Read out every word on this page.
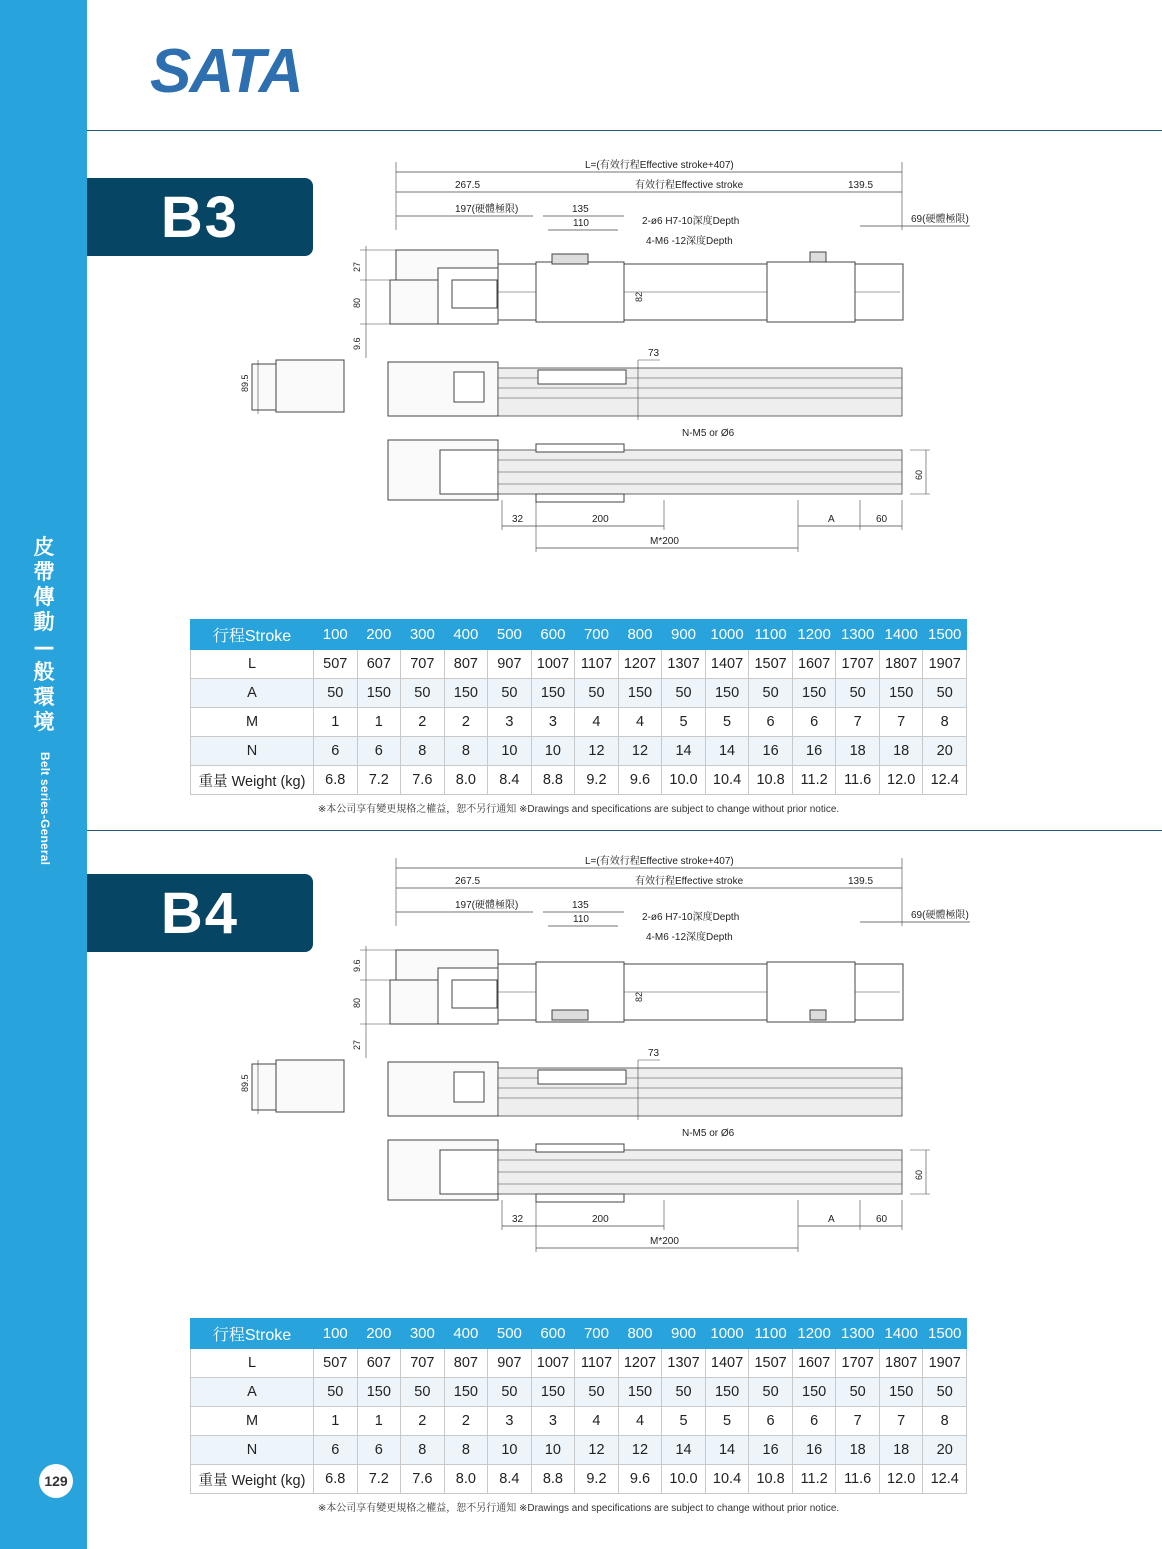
皮
帶
傳
動
—
般
環
境
Belt series-General
129
SATA
B3
L=(有效行程Effective stroke+407)
267.5	有效行程Effective stroke	139.5
197(硬體極限)	135
110	2-ø6 H7-10深度Depth
4-M6 -12深度Depth
69(硬體極限)
27
80
9.6
82
89.5
73
N-M5 or Ø6
60
32	200	A	60
M*200
行程Stroke	100	200	300	400	500	600	700	800	900	1000	1100	1200	1300	1400	1500
L	507	607	707	807	907	1007	1107	1207	1307	1407	1507	1607	1707	1807	1907
A	50	150	50	150	50	150	50	150	50	150	50	150	50	150	50
M	1	1	2	2	3	3	4	4	5	5	6	6	7	7	8
N	6	6	8	8	10	10	12	12	14	14	16	16	18	18	20
重量 Weight (kg)	6.8	7.2	7.6	8.0	8.4	8.8	9.2	9.6	10.0	10.4	10.8	11.2	11.6	12.0	12.4
※本公司享有變更規格之權益，恕不另行通知 ※Drawings and specifications are subject to change without prior notice.
B4
L=(有效行程Effective stroke+407)
267.5	有效行程Effective stroke	139.5
197(硬體極限)	135
110	2-ø6 H7-10深度Depth
4-M6 -12深度Depth
69(硬體極限)
9.6
80
27
82
89.5
73
N-M5 or Ø6
60
32	200	A	60
M*200
行程Stroke	100	200	300	400	500	600	700	800	900	1000	1100	1200	1300	1400	1500
L	507	607	707	807	907	1007	1107	1207	1307	1407	1507	1607	1707	1807	1907
A	50	150	50	150	50	150	50	150	50	150	50	150	50	150	50
M	1	1	2	2	3	3	4	4	5	5	6	6	7	7	8
N	6	6	8	8	10	10	12	12	14	14	16	16	18	18	20
重量 Weight (kg)	6.8	7.2	7.6	8.0	8.4	8.8	9.2	9.6	10.0	10.4	10.8	11.2	11.6	12.0	12.4
※本公司享有變更規格之權益，恕不另行通知 ※Drawings and specifications are subject to change without prior notice.
